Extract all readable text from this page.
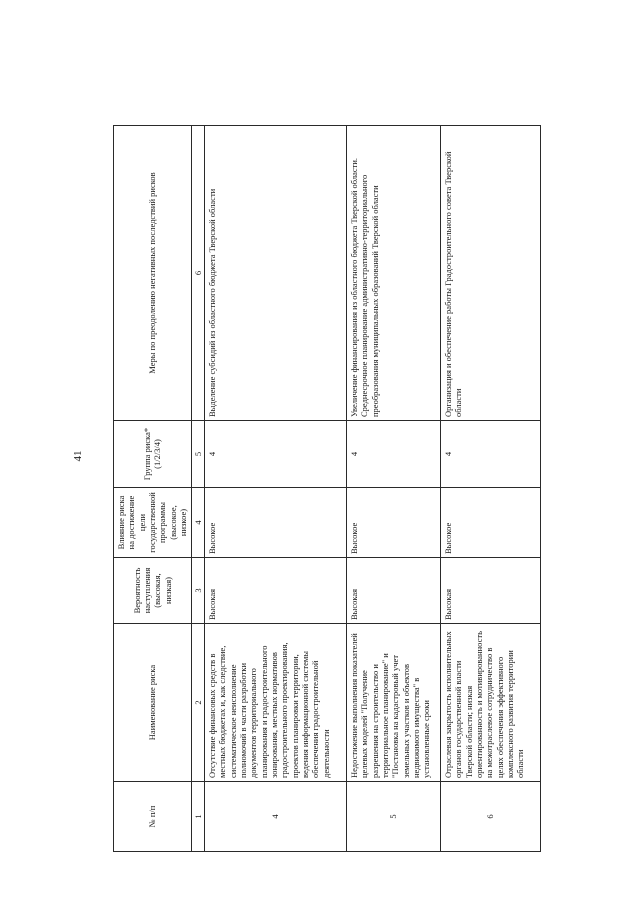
41
№ п/п	Наименование риска	Вероятность наступления (высокая, низкая)	Влияние риска на достижение цели государственной программы (высокое, низкое)	Группа риска* (1/2/3/4)	Меры по преодолению негативных последствий рисков
1	2	3	4	5	6
4	Отсутствие финансовых средств в местных бюджетах и, как следствие, систематическое неисполнение полномочий в части разработки документов территориального планирования и градостроительного зонирования, местных нормативов градостроительного проектирования, проектов планировки территории, ведения информационной системы обеспечения градостроительной деятельности	Высокая	Высокое	4	Выделение субсидий из областного бюджета Тверской области
5	Недостижение выполнения показателей целевых моделей "Получение разрешения на строительство и территориальное планирование" и "Постановка на кадастровый учет земельных участков и объектов недвижимого имущества" в установленные сроки	Высокая	Высокое	4	Увеличение финансирования из областного бюджета Тверской области. Среднесрочное планирование административно-территориального преобразования муниципальных образований Тверской области
6	Отраслевая закрытость исполнительных органов государственной власти Тверской области; низкая ориентированность и мотивированность на межотраслевое сотрудничество в целях обеспечения эффективного комплексного развития территории области	Высокая	Высокое	4	Организация и обеспечение работы Градостроительного совета Тверской области
